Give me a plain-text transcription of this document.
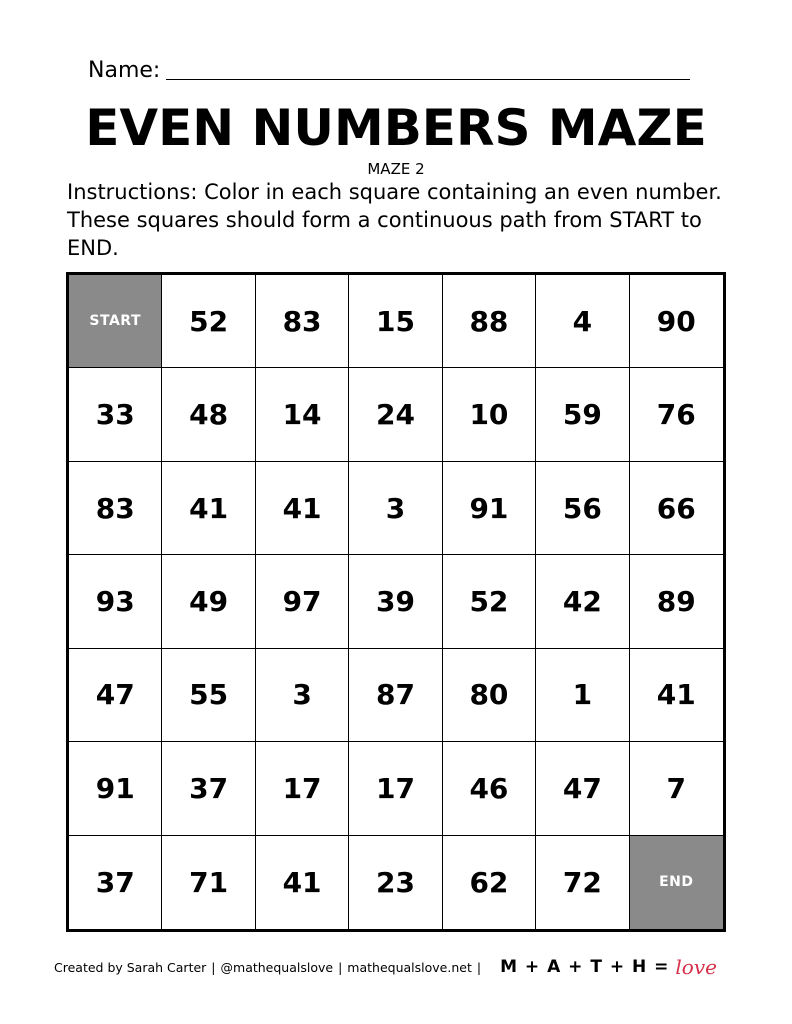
Name:
EVEN NUMBERS MAZE
MAZE 2
Instructions: Color in each square containing an even number. These squares should form a continuous path from START to END.
START	52	83	15	88	4	90
33	48	14	24	10	59	76
83	41	41	3	91	56	66
93	49	97	39	52	42	89
47	55	3	87	80	1	41
91	37	17	17	46	47	7
37	71	41	23	62	72	END
Created by Sarah Carter | @mathequalslove | mathequalslove.net | M + A + T + H = love
